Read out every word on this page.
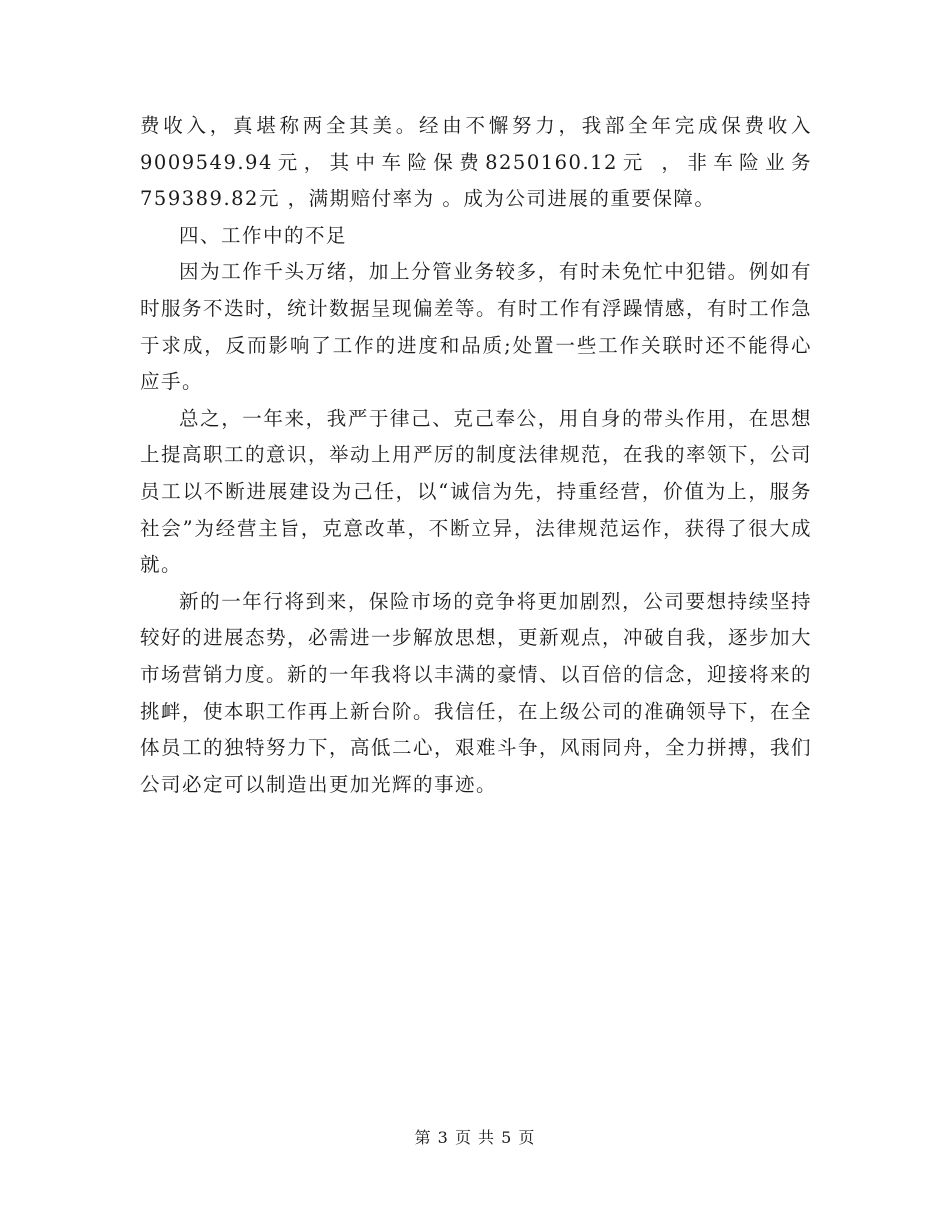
费收入，真堪称两全其美。经由不懈努力，我部全年完成保费收入9009549.94元，其中车险保费8250160.12元 ，非车险业务759389.82元 ，满期赔付率为 。成为公司进展的重要保障。

四、工作中的不足

因为工作千头万绪，加上分管业务较多，有时未免忙中犯错。例如有时服务不迭时，统计数据呈现偏差等。有时工作有浮躁情感，有时工作急于求成，反而影响了工作的进度和品质;处置一些工作关联时还不能得心应手。

总之，一年来，我严于律己、克己奉公，用自身的带头作用，在思想上提高职工的意识，举动上用严厉的制度法律规范，在我的率领下，公司员工以不断进展建设为己任，以“诚信为先，持重经营，价值为上，服务社会”为经营主旨，克意改革，不断立异，法律规范运作，获得了很大成就。

新的一年行将到来，保险市场的竞争将更加剧烈，公司要想持续坚持较好的进展态势，必需进一步解放思想，更新观点，冲破自我，逐步加大市场营销力度。新的一年我将以丰满的豪情、以百倍的信念，迎接将来的挑衅，使本职工作再上新台阶。我信任，在上级公司的准确领导下，在全体员工的独特努力下，高低二心，艰难斗争，风雨同舟，全力拼搏，我们公司必定可以制造出更加光辉的事迹。

第 3 页 共 5 页
